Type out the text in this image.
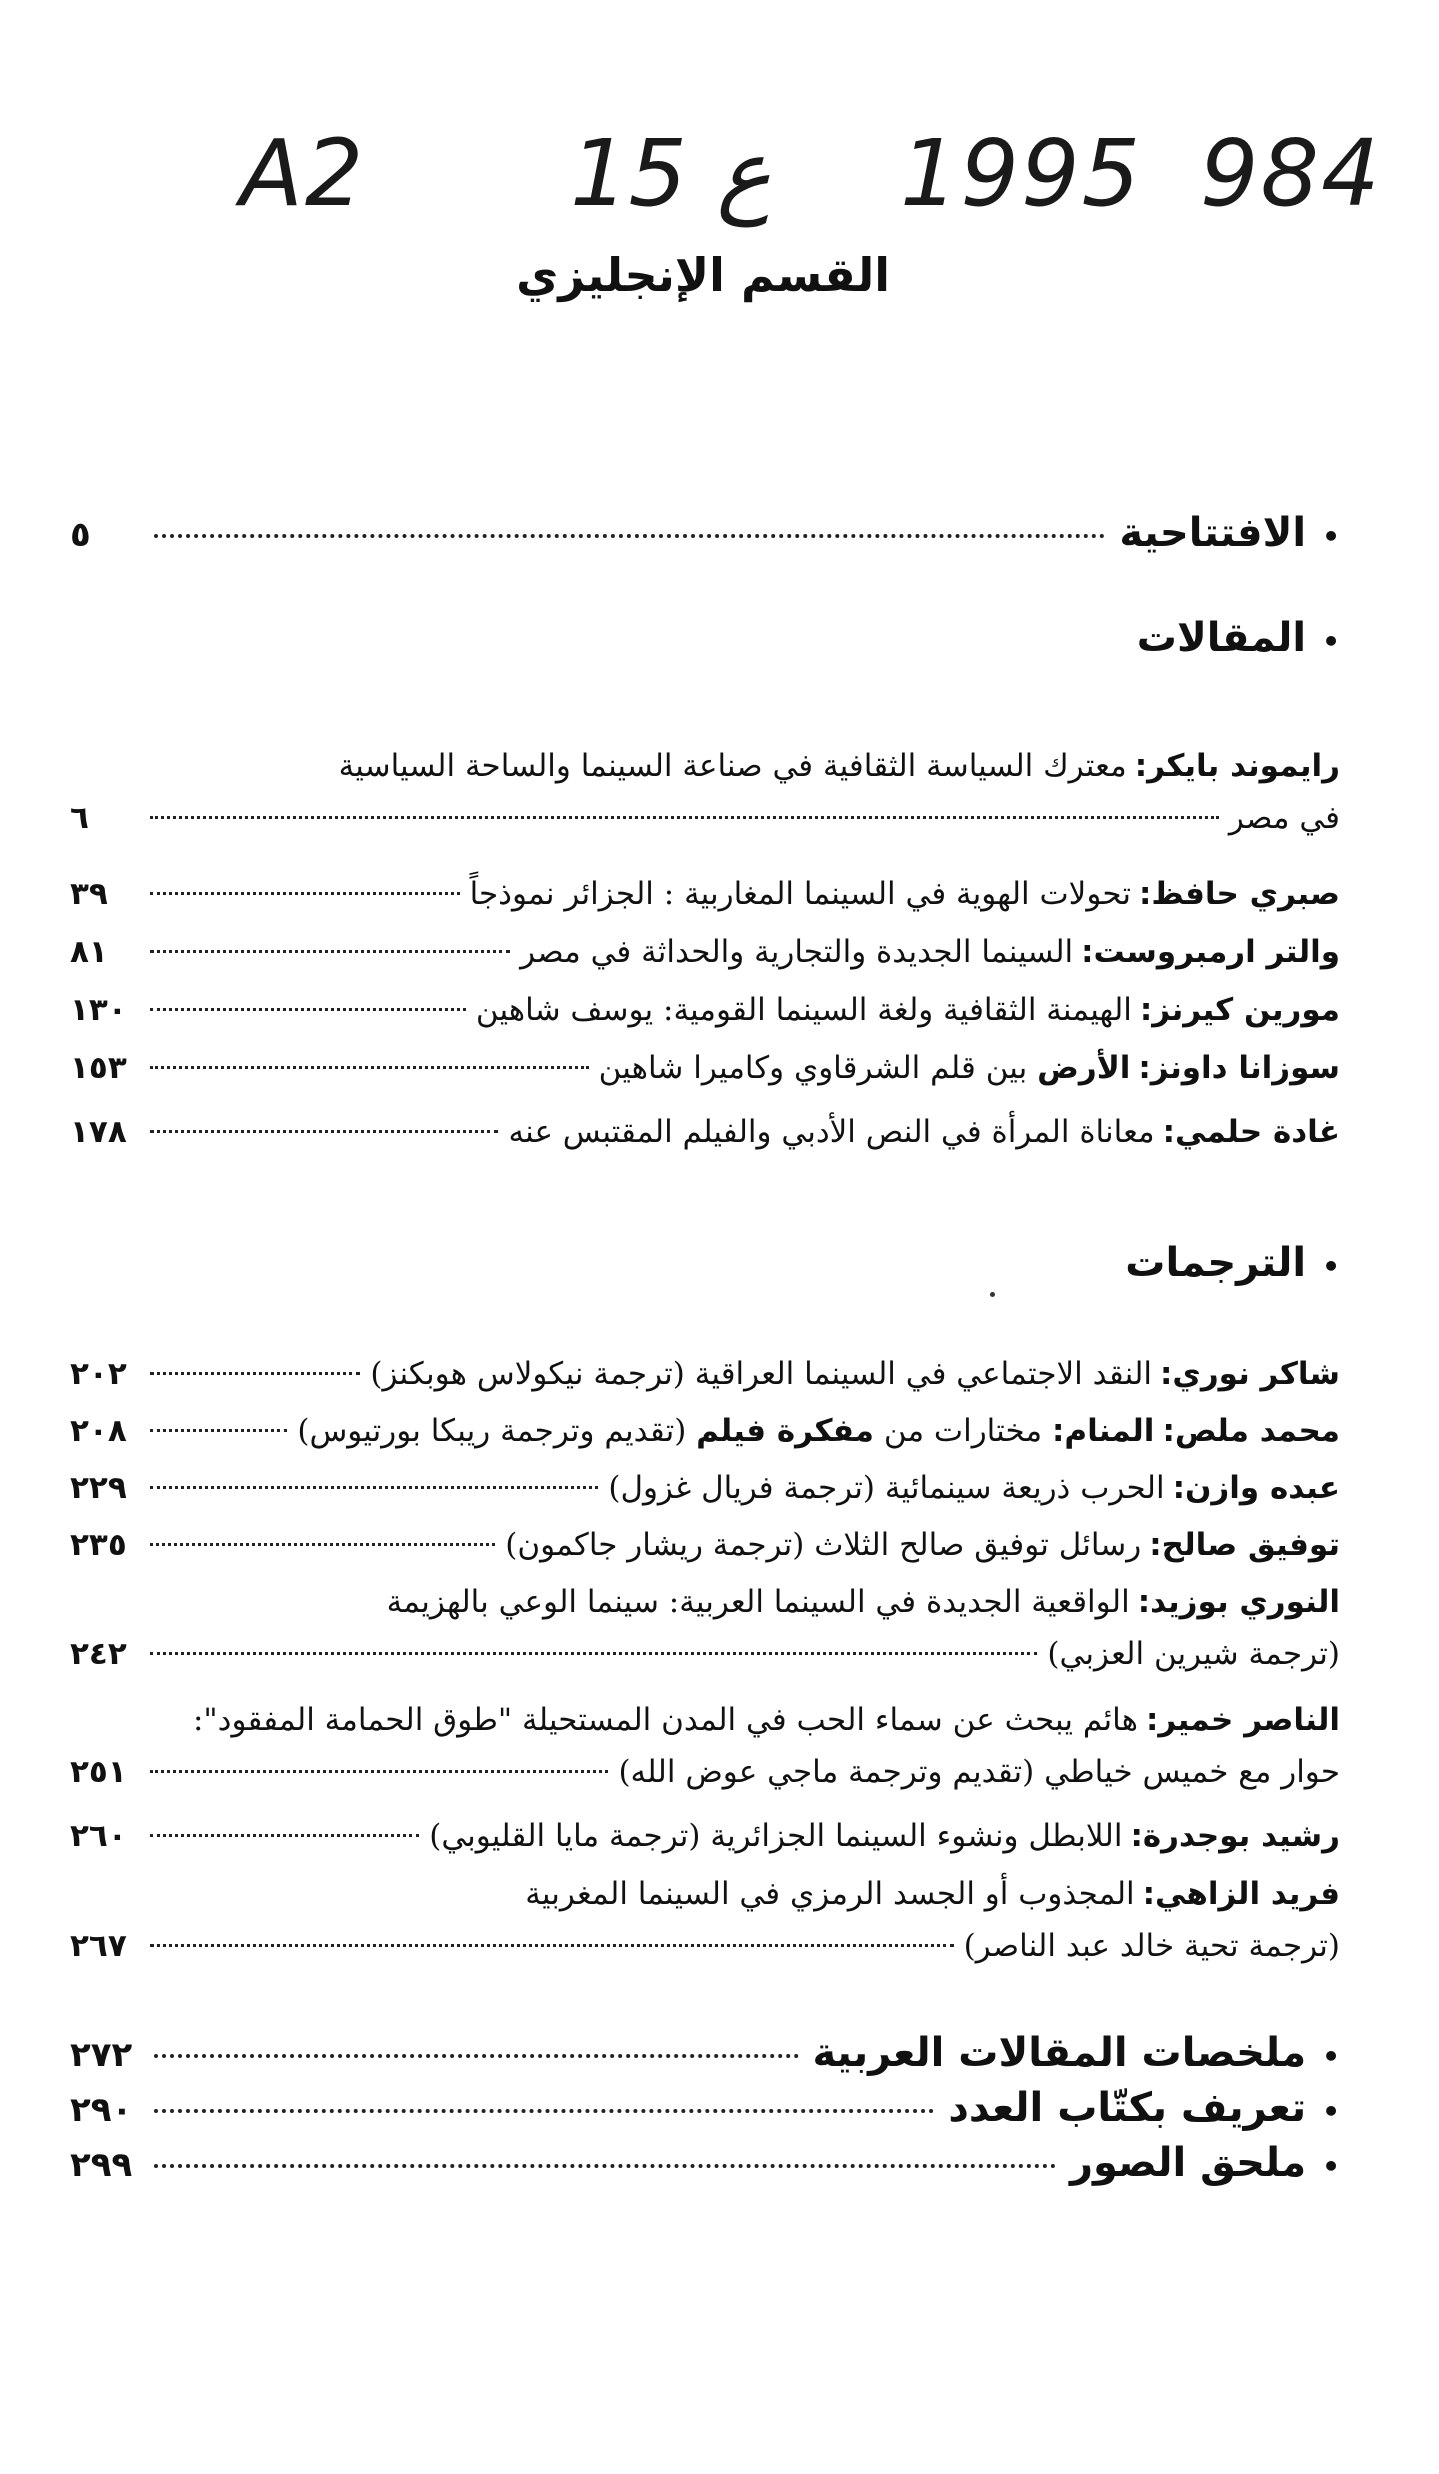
A2 15 ع 1995 984
القسم الإنجليزي
•
الافتتاحية
٥
•
المقالات
رايموند بايكر:معترك السياسة الثقافية في صناعة السينما والساحة السياسية
في مصر
٦
صبري حافظ:
تحولات الهوية في السينما المغاربية : الجزائر نموذجاً
٣٩
والتر ارمبروست:
السينما الجديدة والتجارية والحداثة في مصر
٨١
مورين كيرنز:
الهيمنة الثقافية ولغة السينما القومية: يوسف شاهين
١٣٠
سوزانا داونز:
الأرض

بين قلم الشرقاوي وكاميرا شاهين
١٥٣
غادة حلمي:
معاناة المرأة في النص الأدبي والفيلم المقتبس عنه
١٧٨
•
الترجمات
شاكر نوري:
النقد الاجتماعي في السينما العراقية (ترجمة نيكولاس هوبكنز)
٢٠٢
محمد ملص:
المنام:

مختارات من

مفكرة فيلم

(تقديم وترجمة ريبكا بورتيوس)
٢٠٨
عبده وازن:
الحرب ذريعة سينمائية (ترجمة فريال غزول)
٢٢٩
توفيق صالح:
رسائل توفيق صالح الثلاث (ترجمة ريشار جاكمون)
٢٣٥
النوري بوزيد:
الواقعية الجديدة في السينما العربية: سينما الوعي بالهزيمة
(ترجمة شيرين العزبي)
٢٤٢
الناصر خمير:
هائم يبحث عن سماء الحب في المدن المستحيلة "طوق الحمامة المفقود":
حوار مع خميس خياطي (تقديم وترجمة ماجي عوض الله)
٢٥١
رشيد بوجدرة:
اللابطل ونشوء السينما الجزائرية (ترجمة مايا القليوبي)
٢٦٠
فريد الزاهي:
المجذوب أو الجسد الرمزي في السينما المغربية
(ترجمة تحية خالد عبد الناصر)
٢٦٧
•
ملخصات المقالات العربية
٢٧٢
•
تعريف بكتّاب العدد
٢٩٠
•
ملحق الصور
٢٩٩
